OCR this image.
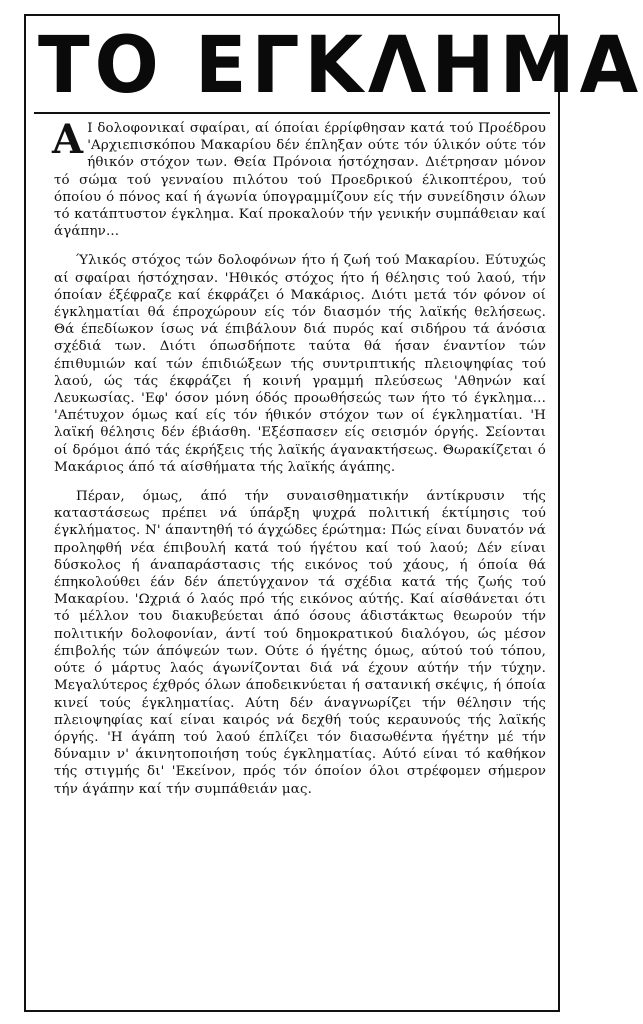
ΤΟ ΕΓΚΛΗΜΑ

Α Ι δολοφονικαί σφαίραι, αί όποίαι έρρίφθησαν κατά τού Προέδρου 'Αρχιεπισκόπου Μακαρίου δέν έπληξαν ούτε τόν ύλικόν ούτε τόν ήθικόν στόχον των. Θεία Πρόνοια ήστόχησαν. Διέτρησαν μόνον τό σώμα τού γενναίου πιλότου τού Προεδρικού έλικοπτέρου, τού όποίου ό πόνος καί ή άγωνία ύπογραμμίζουν είς τήν συνείδησιν όλων τό κατάπτυστον έγκλημα. Καί προκαλούν τήν γενικήν συμπάθειαν καί άγάπην...

Ύλικός στόχος τών δολοφόνων ήτο ή ζωή τού Μακαρίου. Εύτυχώς αί σφαίραι ήστόχησαν. 'Ηθικός στόχος ήτο ή θέλησις τού λαού, τήν όποίαν έξέφραζε καί έκφράζει ό Μακάριος. Διότι μετά τόν φόνον οί έγκληματίαι θά έπροχώρουν είς τόν διασμόν τής λαϊκής θελήσεως. Θά έπεδίωκον ίσως νά έπιβάλουν διά πυρός καί σιδήρου τά άνόσια σχέδιά των. Διότι όπωσδήποτε ταύτα θά ήσαν έναντίον τών έπιθυμιών καί τών έπιδιώξεων τής συντριπτικής πλειοψηφίας τού λαού, ώς τάς έκφράζει ή κοινή γραμμή πλεύσεως 'Αθηνών καί Λευκωσίας. 'Εφ' όσον μόνη όδός προωθήσεώς των ήτο τό έγκλημα... 'Απέτυχον όμως καί είς τόν ήθικόν στόχον των οί έγκληματίαι. 'Η λαϊκή θέλησις δέν έβιάσθη. 'Εξέσπασεν είς σεισμόν όργής. Σείονται οί δρόμοι άπό τάς έκρήξεις τής λαϊκής άγανακτήσεως. Θωρακίζεται ό Μακάριος άπό τά αίσθήματα τής λαϊκής άγάπης.

Πέραν, όμως, άπό τήν συναισθηματικήν άντίκρυσιν τής καταστάσεως πρέπει νά ύπάρξη ψυχρά πολιτική έκτίμησις τού έγκλήματος. Ν' άπαντηθή τό άγχώδες έρώτημα: Πώς είναι δυνατόν νά προληφθή νέα έπιβουλή κατά τού ήγέτου καί τού λαού; Δέν είναι δύσκολος ή άναπαράστασις τής εικόνος τού χάους, ή όποία θά έπηκολούθει έάν δέν άπετύγχανον τά σχέδια κατά τής ζωής τού Μακαρίου. 'Ωχριά ό λαός πρό τής εικόνος αύτής. Καί αίσθάνεται ότι τό μέλλον του διακυβεύεται άπό όσους άδιστάκτως θεωρούν τήν πολιτικήν δολοφονίαν, άντί τού δημοκρατικού διαλόγου, ώς μέσον έπιβολής τών άπόψεών των. Ούτε ό ήγέτης όμως, αύτού τού τόπου, ούτε ό μάρτυς λαός άγωνίζονται διά νά έχουν αύτήν τήν τύχην. Μεγαλύτερος έχθρός όλων άποδεικνύεται ή σατανική σκέψις, ή όποία κινεί τούς έγκληματίας. Αύτη δέν άναγνωρίζει τήν θέλησιν τής πλειοψηφίας καί είναι καιρός νά δεχθή τούς κεραυνούς τής λαϊκής όργής. 'Η άγάπη τού λαού έπλίζει τόν διασωθέντα ήγέτην μέ τήν δύναμιν ν' άκινητοποιήση τούς έγκληματίας. Αύτό είναι τό καθήκον τής στιγμής δι' 'Εκείνον, πρός τόν όποίον όλοι στρέφομεν σήμερον τήν άγάπην καί τήν συμπάθειάν μας.
